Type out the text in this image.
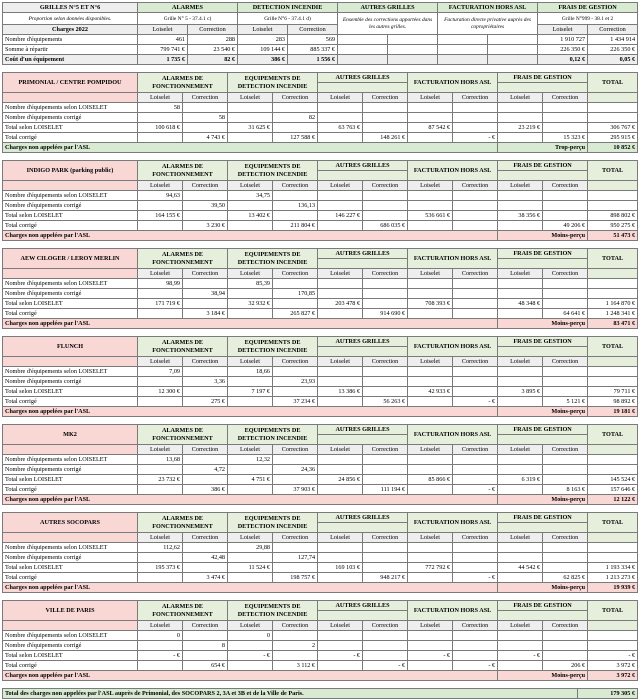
GRILLES N°5 ET N°6	ALARMES		DETECTION INCENDIE		AUTRES GRILLES		FACTURATION HORS ASL		FRAIS DE GESTION	
Proportion selon données disponibles.	Grille N° 5 - 37.4.1 c)		Grille N°6 - 37.4.1 d)		Ensemble des corrections apportées dans les autres grilles.		Facturation directe privative auprès des copropriétaires		Grille N°999 - 38.1 et 2	
Charges 2022	Loiselet	Correction	Loiselet	Correction					Loiselet	Correction
Nombre d'équipements	461	288	283	569					1 910 727	1 434 914
Somme à répartir	799 741 €	23 540 €	109 144 €	885 337 €					226 350 €	226 350 €
Coût d'un équipement	1 735 €	82 €	386 €	1 556 €					0,12 €	0,05 €
PRIMONIAL / CENTRE POMPIDOU	ALARMES DE FONCTIONNEMENT		EQUIPEMENTS DE DETECTION INCENDIE		AUTRES GRILLES		FACTURATION HORS ASL		FRAIS DE GESTION		TOTAL

	Loiselet	Correction	Loiselet	Correction	Loiselet	Correction	Loiselet	Correction	Loiselet	Correction	
Nombre d'équipements selon LOISELET	58										
Nombre d'équipements corrigé		58		82							
Total selon LOISELET	100 618 €		31 625 €		63 763 €		87 542 €		23 219 €		306 767 €
Total corrigé		4 743 €		127 588 €		148 261 €		- €		15 323 €	295 915 €
Charges non appelées par l'ASL									Trop-perçu		10 852 €
INDIGO PARK (parking public)	ALARMES DE FONCTIONNEMENT		EQUIPEMENTS DE DETECTION INCENDIE		AUTRES GRILLES		FACTURATION HORS ASL		FRAIS DE GESTION		TOTAL

	Loiselet	Correction	Loiselet	Correction	Loiselet	Correction	Loiselet	Correction	Loiselet	Correction	
Nombre d'équipements selon LOISELET	94,63		34,75								
Nombre d'équipements corrigé		39,50		136,13							
Total selon LOISELET	164 155 €		13 402 €		146 227 €		536 661 €		38 356 €		898 802 €
Total corrigé		3 230 €		211 804 €		686 035 €				49 206 €	950 275 €
Charges non appelées par l'ASL									Moins-perçu		51 473 €
AEW CILOGER / LEROY MERLIN	ALARMES DE FONCTIONNEMENT		EQUIPEMENTS DE DETECTION INCENDIE		AUTRES GRILLES		FACTURATION HORS ASL		FRAIS DE GESTION		TOTAL

	Loiselet	Correction	Loiselet	Correction	Loiselet	Correction	Loiselet	Correction	Loiselet	Correction	
Nombre d'équipements selon LOISELET	98,99		85,39								
Nombre d'équipements corrigé		38,94		170,85							
Total selon LOISELET	171 719 €		32 932 €		203 478 €		708 393 €		48 348 €		1 164 870 €
Total corrigé		3 184 €		265 827 €		914 690 €				64 641 €	1 248 341 €
Charges non appelées par l'ASL									Moins-perçu		83 471 €
FLUNCH	ALARMES DE FONCTIONNEMENT		EQUIPEMENTS DE DETECTION INCENDIE		AUTRES GRILLES		FACTURATION HORS ASL		FRAIS DE GESTION		TOTAL

	Loiselet	Correction	Loiselet	Correction	Loiselet	Correction	Loiselet	Correction	Loiselet	Correction	
Nombre d'équipements selon LOISELET	7,09		18,66								
Nombre d'équipements corrigé		3,36		23,93							
Total selon LOISELET	12 300 €		7 197 €		13 386 €		42 933 €		3 895 €		79 711 €
Total corrigé		275 €		37 234 €		56 263 €		- €		5 121 €	98 892 €
Charges non appelées par l'ASL									Moins-perçu		19 181 €
MK2	ALARMES DE FONCTIONNEMENT		EQUIPEMENTS DE DETECTION INCENDIE		AUTRES GRILLES		FACTURATION HORS ASL		FRAIS DE GESTION		TOTAL

	Loiselet	Correction	Loiselet	Correction	Loiselet	Correction	Loiselet	Correction	Loiselet	Correction	
Nombre d'équipements selon LOISELET	13,68		12,32								
Nombre d'équipements corrigé		4,72		24,36							
Total selon LOISELET	23 732 €		4 751 €		24 856 €		85 866 €		6 319 €		145 524 €
Total corrigé		386 €		37 903 €		111 194 €		- €		8 163 €	157 646 €
Charges non appelées par l'ASL									Moins-perçu		12 122 €
AUTRES SOCOPARS	ALARMES DE FONCTIONNEMENT		EQUIPEMENTS DE DETECTION INCENDIE		AUTRES GRILLES		FACTURATION HORS ASL		FRAIS DE GESTION		TOTAL

	Loiselet	Correction	Loiselet	Correction	Loiselet	Correction	Loiselet	Correction	Loiselet	Correction	
Nombre d'équipements selon LOISELET	112,62		29,88								
Nombre d'équipements corrigé		42,48		127,74							
Total selon LOISELET	195 373 €		11 524 €		169 103 €		772 792 €		44 542 €		1 193 334 €
Total corrigé		3 474 €		198 757 €		948 217 €		- €		62 825 €	1 213 273 €
Charges non appelées par l'ASL									Moins-perçu		19 939 €
VILLE DE PARIS	ALARMES DE FONCTIONNEMENT		EQUIPEMENTS DE DETECTION INCENDIE		AUTRES GRILLES		FACTURATION HORS ASL		FRAIS DE GESTION		TOTAL

	Loiselet	Correction	Loiselet	Correction	Loiselet	Correction	Loiselet	Correction	Loiselet	Correction	
Nombre d'équipements selon LOISELET	0		0								
Nombre d'équipements corrigé		8		2							
Total selon LOISELET	- €		- €		- €		- €		- €		- €
Total corrigé		654 €		3 112 €		- €		- €		206 €	3 972 €
Charges non appelées par l'ASL									Moins-perçu		3 972 €
Total des charges non appelées par l'ASL auprès de Primonial, des SOCOPARS 2, 3A et 3B et de la Ville de Paris.	179 305 €
